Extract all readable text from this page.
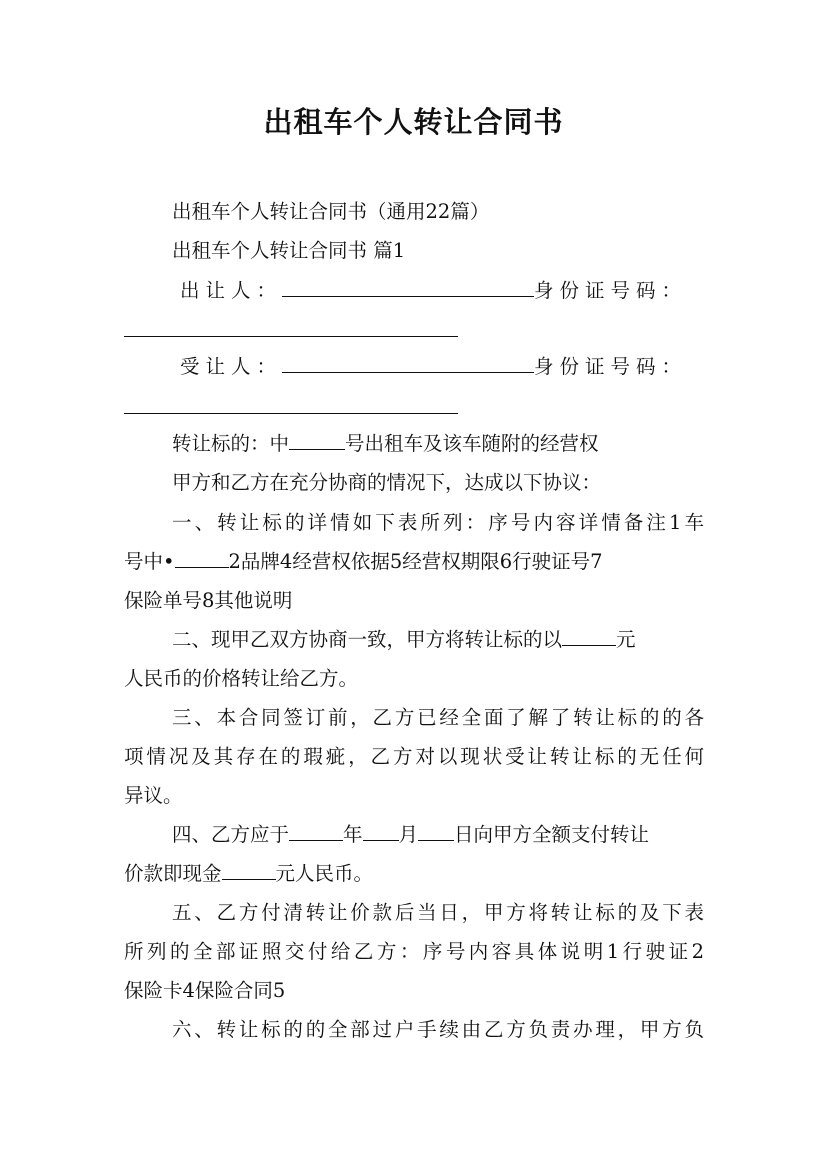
出租车个人转让合同书
出租车个人转让合同书（通用22篇）
出租车个人转让合同书 篇1
出让人：	身份证号码：
受让人：	身份证号码：
转让标的：中	号出租车及该车随附的经营权
甲方和乙方在充分协商的情况下，达成以下协议：
一、转让标的详情如下表所列：序号内容详情备注1车
号中•	2品牌4经营权依据5经营权期限6行驶证号7
保险单号8其他说明
二、现甲乙双方协商一致，甲方将转让标的以	元
人民币的价格转让给乙方。
三、本合同签订前，乙方已经全面了解了转让标的的各
项情况及其存在的瑕疵，乙方对以现状受让转让标的无任何
异议。
四、乙方应于	年 月 日向甲方全额支付转让
价款即现金	元人民币。
五、乙方付清转让价款后当日，甲方将转让标的及下表
所列的全部证照交付给乙方：序号内容具体说明1行驶证2
保险卡4保险合同5
六、转让标的的全部过户手续由乙方负责办理，甲方负
